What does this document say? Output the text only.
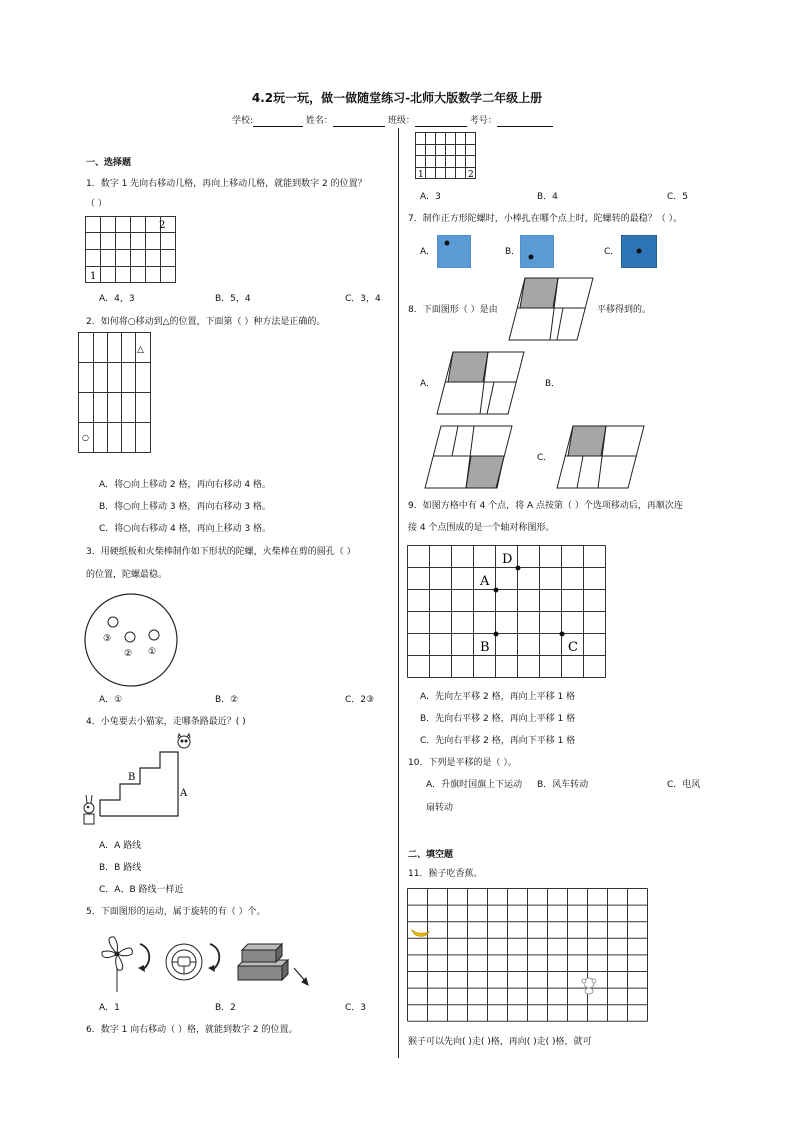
4.2玩一玩，做一做随堂练习-北师大版数学二年级上册
学校:	姓名：	班级：	考号：
一、选择题
1．数字 1 先向右移动几格，再向上移动几格，就能到数字 2 的位置？
（ ）
2
1
A．4，3	B．5，4	C．3，4
2．如何将○移动到△的位置，下面第（ ）种方法是正确的。
△
○
A．将○向上移动 2 格，再向右移动 4 格。
B．将○向上移动 3 格，再向右移动 3 格。
C．将○向右移动 4 格，再向上移动 3 格。
3．用硬纸板和火柴棒制作如下形状的陀螺，火柴棒在剪的圆孔（ ）
的位置，陀螺最稳。
③
② ①
A．①	B．②	C．2③
4．小兔要去小猫家，走哪条路最近？( )
B
A
A．A 路线
B．B 路线
C．A、B 路线一样近
5．下面图形的运动，属于旋转的有（ ）个。
A．1	B．2	C．3
6．数字 1 向右移动（ ）格，就能到数字 2 的位置。
1	2
A．3	B．4	C．5
7．制作正方形陀螺时，小棒扎在哪个点上时，陀螺转的最稳？（ ）。
A．	B．	C．
8．下面图形（ ）是由	平移得到的。
A．	B．
C．
9．如图方格中有 4 个点，将 A 点按第（ ）个选项移动后，再顺次连
接 4 个点围成的是一个轴对称图形。
D
A
B	C
A．先向左平移 2 格，再向上平移 1 格
B．先向右平移 2 格，再向上平移 1 格
C．先向右平移 2 格，再向下平移 1 格
10．下列是平移的是（ ）。
A．升旗时国旗上下运动 B．风车转动	C．电风
扇转动
二、填空题
11．猴子吃香蕉。
猴子可以先向( )走( )格，再向( )走( )格，就可
